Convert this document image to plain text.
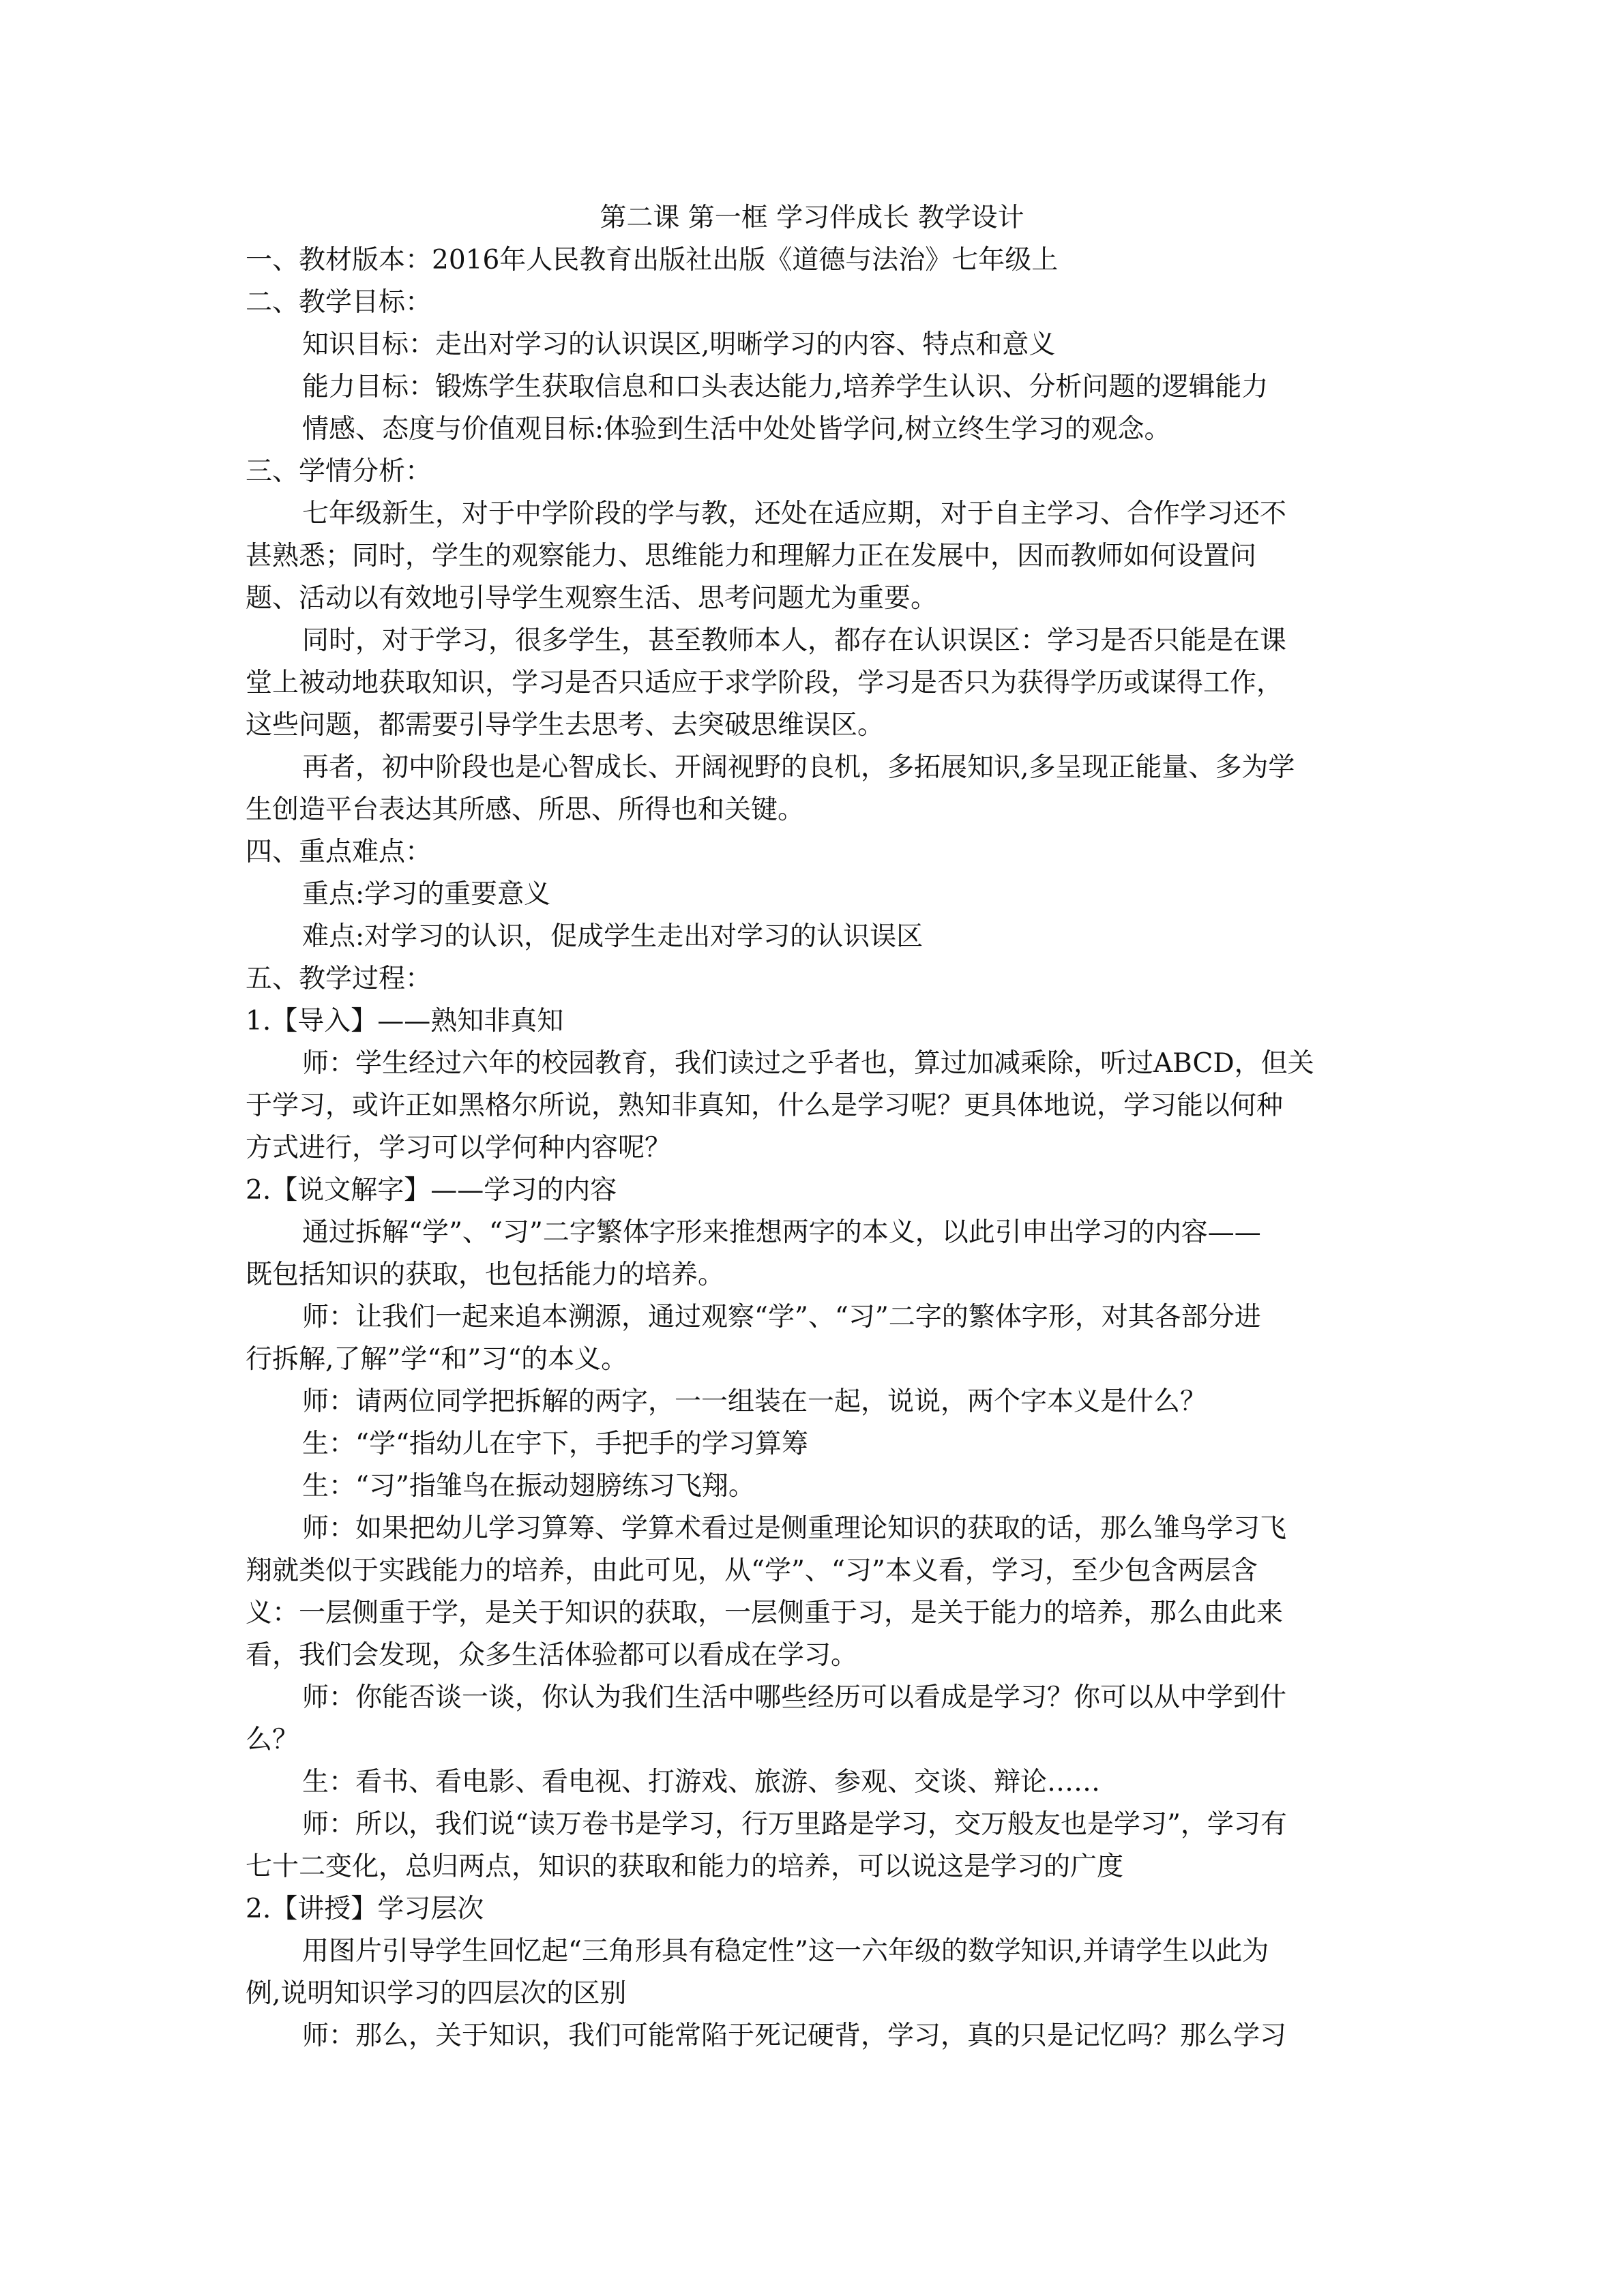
第二课 第一框 学习伴成长 教学设计
一、教材版本：2016年人民教育出版社出版《道德与法治》七年级上
二、教学目标：
知识目标：走出对学习的认识误区,明晰学习的内容、特点和意义
能力目标：锻炼学生获取信息和口头表达能力,培养学生认识、分析问题的逻辑能力
情感、态度与价值观目标:体验到生活中处处皆学问,树立终生学习的观念。
三、学情分析：
七年级新生，对于中学阶段的学与教，还处在适应期，对于自主学习、合作学习还不
甚熟悉；同时，学生的观察能力、思维能力和理解力正在发展中，因而教师如何设置问
题、活动以有效地引导学生观察生活、思考问题尤为重要。
同时，对于学习，很多学生，甚至教师本人，都存在认识误区：学习是否只能是在课
堂上被动地获取知识，学习是否只适应于求学阶段，学习是否只为获得学历或谋得工作，
这些问题，都需要引导学生去思考、去突破思维误区。
再者，初中阶段也是心智成长、开阔视野的良机，多拓展知识,多呈现正能量、多为学
生创造平台表达其所感、所思、所得也和关键。
四、重点难点：
重点:学习的重要意义
难点:对学习的认识，促成学生走出对学习的认识误区
五、教学过程：
1.【导入】——熟知非真知
师：学生经过六年的校园教育，我们读过之乎者也，算过加减乘除，听过ABCD，但关
于学习，或许正如黑格尔所说，熟知非真知，什么是学习呢？更具体地说，学习能以何种
方式进行，学习可以学何种内容呢？
2.【说文解字】——学习的内容
通过拆解“学”、“习”二字繁体字形来推想两字的本义，以此引申出学习的内容——
既包括知识的获取，也包括能力的培养。
师：让我们一起来追本溯源，通过观察“学”、“习”二字的繁体字形，对其各部分进
行拆解,了解”学“和”习“的本义。
师：请两位同学把拆解的两字，一一组装在一起，说说，两个字本义是什么？
生：“学“指幼儿在宇下，手把手的学习算筹
生：“习”指雏鸟在振动翅膀练习飞翔。
师：如果把幼儿学习算筹、学算术看过是侧重理论知识的获取的话，那么雏鸟学习飞
翔就类似于实践能力的培养，由此可见，从“学”、“习”本义看，学习，至少包含两层含
义：一层侧重于学，是关于知识的获取，一层侧重于习，是关于能力的培养，那么由此来
看，我们会发现，众多生活体验都可以看成在学习。
师：你能否谈一谈，你认为我们生活中哪些经历可以看成是学习？你可以从中学到什
么？
生：看书、看电影、看电视、打游戏、旅游、参观、交谈、辩论……
师：所以，我们说“读万卷书是学习，行万里路是学习，交万般友也是学习”，学习有
七十二变化，总归两点，知识的获取和能力的培养，可以说这是学习的广度
2.【讲授】学习层次
用图片引导学生回忆起“三角形具有稳定性”这一六年级的数学知识,并请学生以此为
例,说明知识学习的四层次的区别
师：那么，关于知识，我们可能常陷于死记硬背，学习，真的只是记忆吗？那么学习
